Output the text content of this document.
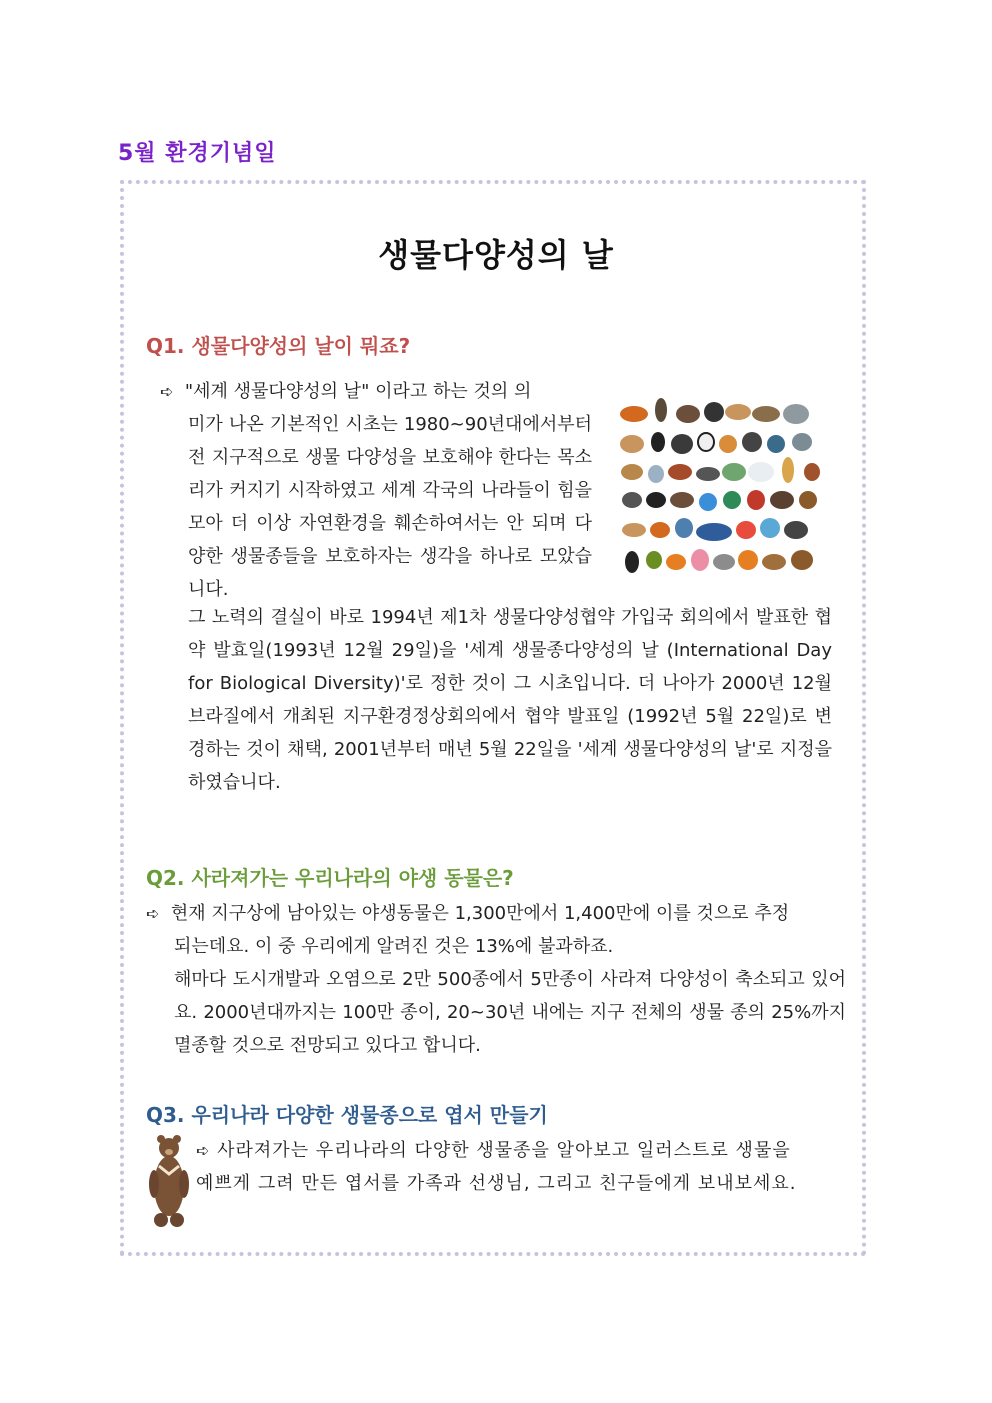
5월 환경기념일
생물다양성의 날
Q1. 생물다양성의 날이 뭐죠?
➪ "세계 생물다양성의 날" 이라고 하는 것의 의
미가 나온 기본적인 시초는 1980~90년대에서부터 전 지구적으로 생물 다양성을 보호해야 한다는 목소리가 커지기 시작하였고 세계 각국의 나라들이 힘을 모아 더 이상 자연환경을 훼손하여서는 안 되며 다양한 생물종들을 보호하자는 생각을 하나로 모았습니다.
그 노력의 결실이 바로 1994년 제1차 생물다양성협약 가입국 회의에서 발표한 협약 발효일(1993년 12월 29일)을 '세계 생물종다양성의 날 (International Day for Biological Diversity)'로 정한 것이 그 시초입니다. 더 나아가 2000년 12월 브라질에서 개최된 지구환경정상회의에서 협약 발표일 (1992년 5월 22일)로 변경하는 것이 채택, 2001년부터 매년 5월 22일을 '세계 생물다양성의 날'로 지정을 하였습니다.
Q2. 사라져가는 우리나라의 야생 동물은?
➪ 현재 지구상에 남아있는 야생동물은 1,300만에서 1,400만에 이를 것으로 추정
되는데요. 이 중 우리에게 알려진 것은 13%에 불과하죠.
해마다 도시개발과 오염으로 2만 500종에서 5만종이 사라져 다양성이 축소되고 있어요. 2000년대까지는 100만 종이, 20~30년 내에는 지구 전체의 생물 종의 25%까지 멸종할 것으로 전망되고 있다고 합니다.
Q3. 우리나라 다양한 생물종으로 엽서 만들기
➪ 사라져가는 우리나라의 다양한 생물종을 알아보고 일러스트로 생물을
예쁘게 그려 만든 엽서를 가족과 선생님, 그리고 친구들에게 보내보세요.
